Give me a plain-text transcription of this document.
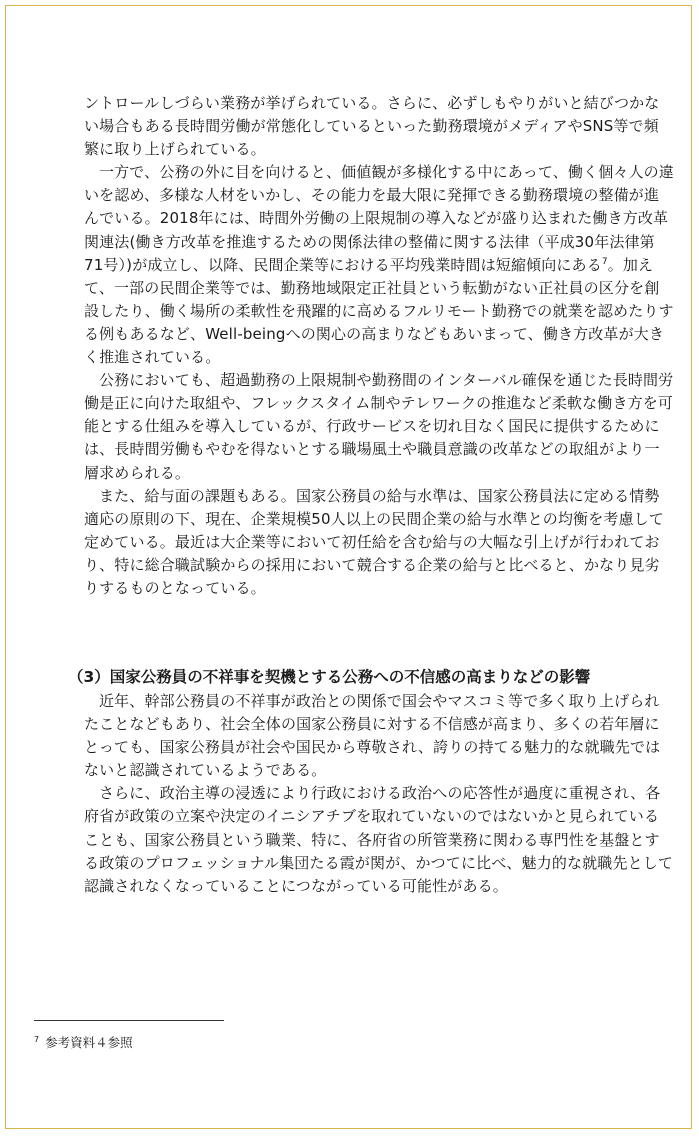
ントロールしづらい業務が挙げられている。さらに、必ずしもやりがいと結びつかない場合もある長時間労働が常態化しているといった勤務環境がメディアやSNS等で頻繁に取り上げられている。

一方で、公務の外に目を向けると、価値観が多様化する中にあって、働く個々人の違いを認め、多様な人材をいかし、その能力を最大限に発揮できる勤務環境の整備が進んでいる。2018年には、時間外労働の上限規制の導入などが盛り込まれた働き方改革関連法(働き方改革を推進するための関係法律の整備に関する法律（平成30年法律第71号）)が成立し、以降、民間企業等における平均残業時間は短縮傾向にある$^7$。加えて、一部の民間企業等では、勤務地域限定正社員という転勤がない正社員の区分を創設したり、働く場所の柔軟性を飛躍的に高めるフルリモート勤務での就業を認めたりする例もあるなど、Well-beingへの関心の高まりなどもあいまって、働き方改革が大きく推進されている。

公務においても、超過勤務の上限規制や勤務間のインターバル確保を通じた長時間労働是正に向けた取組や、フレックスタイム制やテレワークの推進など柔軟な働き方を可能とする仕組みを導入しているが、行政サービスを切れ目なく国民に提供するためには、長時間労働もやむを得ないとする職場風土や職員意識の改革などの取組がより一層求められる。

また、給与面の課題もある。国家公務員の給与水準は、国家公務員法に定める情勢適応の原則の下、現在、企業規模50人以上の民間企業の給与水準との均衡を考慮して定めている。最近は大企業等において初任給を含む給与の大幅な引上げが行われており、特に総合職試験からの採用において競合する企業の給与と比べると、かなり見劣りするものとなっている。

（3）国家公務員の不祥事を契機とする公務への不信感の高まりなどの影響

近年、幹部公務員の不祥事が政治との関係で国会やマスコミ等で多く取り上げられたことなどもあり、社会全体の国家公務員に対する不信感が高まり、多くの若年層にとっても、国家公務員が社会や国民から尊敬され、誇りの持てる魅力的な就職先ではないと認識されているようである。

さらに、政治主導の浸透により行政における政治への応答性が過度に重視され、各府省が政策の立案や決定のイニシアチブを取れていないのではないかと見られていることも、国家公務員という職業、特に、各府省の所管業務に関わる専門性を基盤とする政策のプロフェッショナル集団たる霞が関が、かつてに比べ、魅力的な就職先として認識されなくなっていることにつながっている可能性がある。

$^7$ 参考資料４参照
